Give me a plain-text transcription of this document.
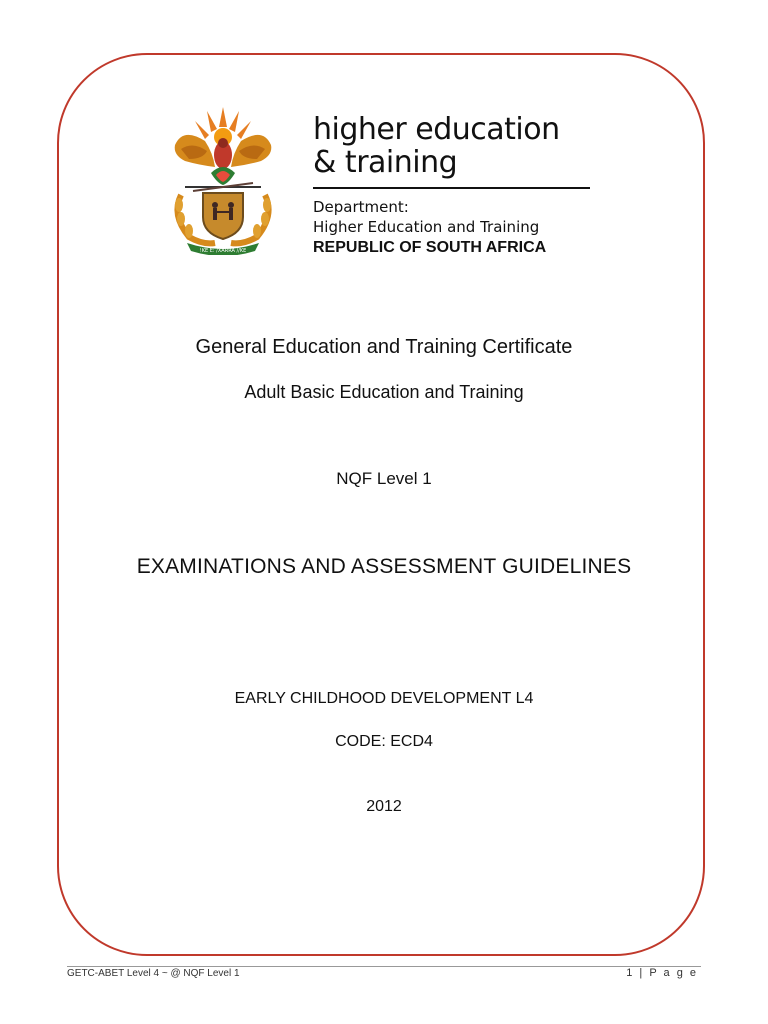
!KE E: /XARRA //KE
higher education
& training
Department:
Higher Education and Training
REPUBLIC OF SOUTH AFRICA
General Education and Training Certificate
Adult Basic Education and Training
NQF Level 1
EXAMINATIONS AND ASSESSMENT GUIDELINES
EARLY CHILDHOOD DEVELOPMENT L4
CODE: ECD4
2012
GETC-ABET Level 4 ~ @ NQF Level 1	1 | P a g e
